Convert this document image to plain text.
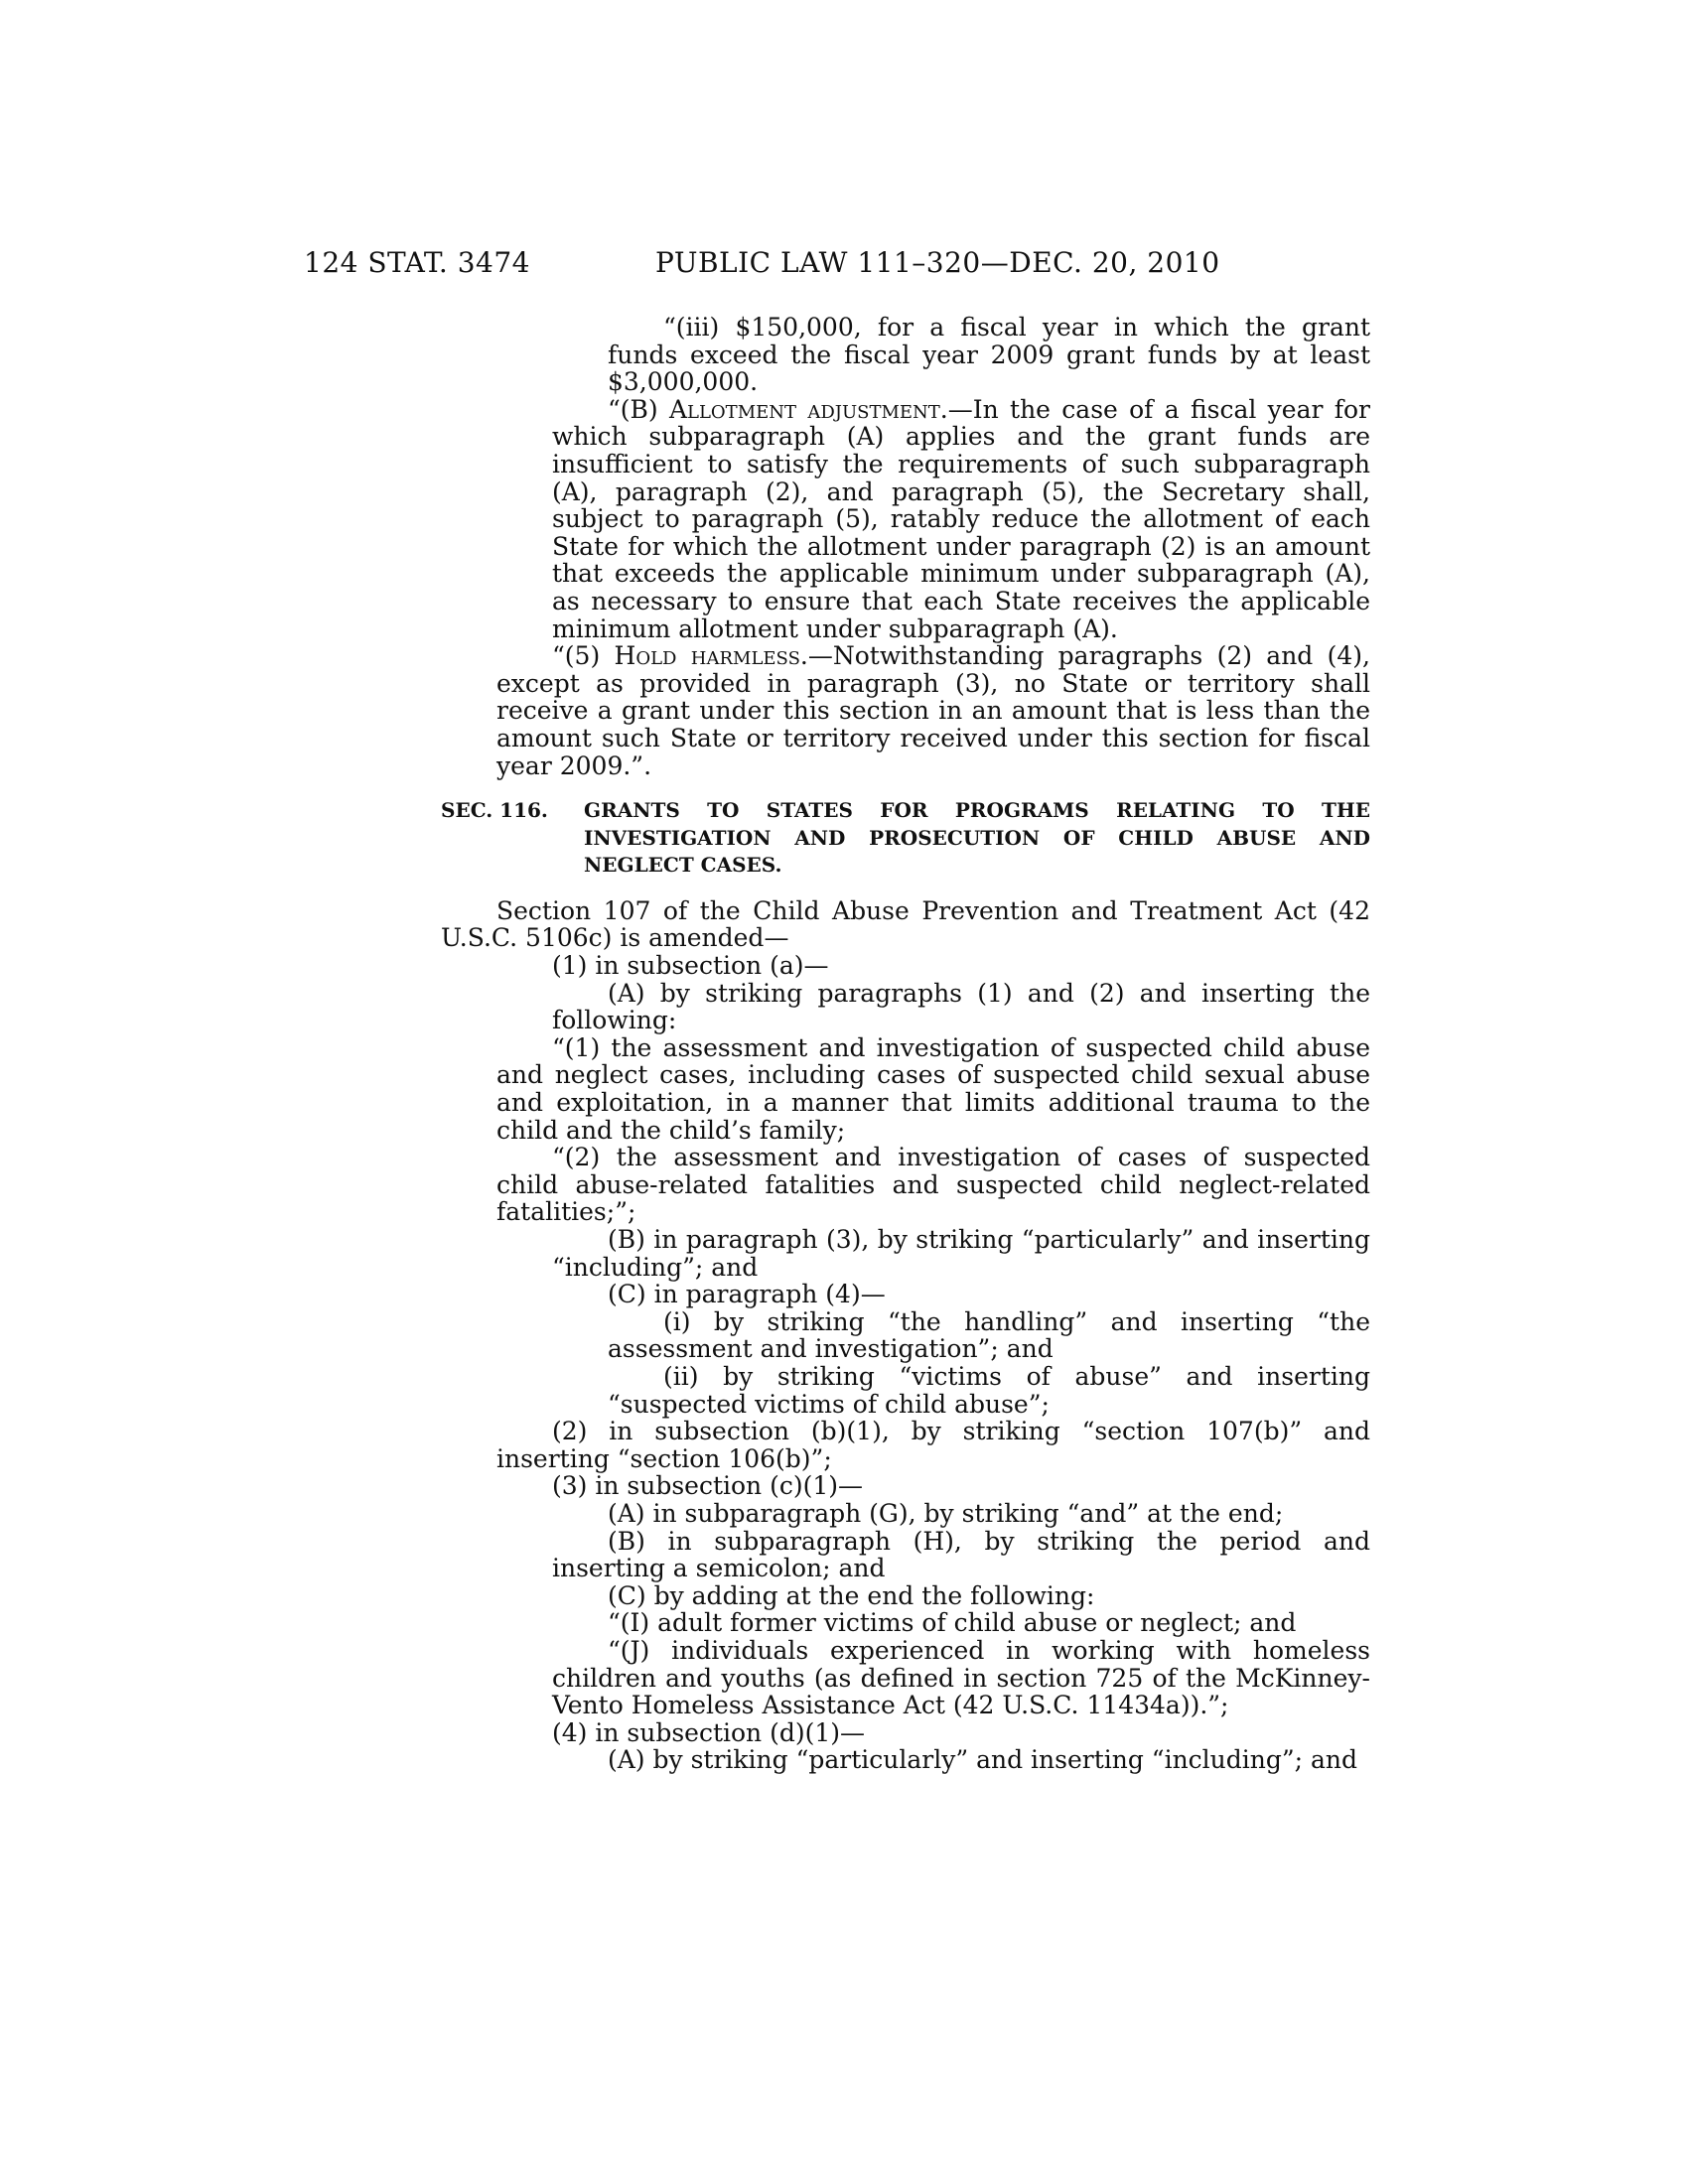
124 STAT. 3474	PUBLIC LAW 111–320—DEC. 20, 2010

“(iii) $150,000, for a fiscal year in which the grant funds exceed the fiscal year 2009 grant funds by at least $3,000,000.

“(B) Allotment adjustment.—In the case of a fiscal year for which subparagraph (A) applies and the grant funds are insufficient to satisfy the requirements of such subparagraph (A), paragraph (2), and paragraph (5), the Secretary shall, subject to paragraph (5), ratably reduce the allotment of each State for which the allotment under paragraph (2) is an amount that exceeds the applicable minimum under subparagraph (A), as necessary to ensure that each State receives the applicable minimum allotment under subparagraph (A).

“(5) Hold harmless.—Notwithstanding paragraphs (2) and (4), except as provided in paragraph (3), no State or territory shall receive a grant under this section in an amount that is less than the amount such State or territory received under this section for fiscal year 2009.”.

SEC. 116. GRANTS TO STATES FOR PROGRAMS RELATING TO THE INVESTIGATION AND PROSECUTION OF CHILD ABUSE AND NEGLECT CASES.

Section 107 of the Child Abuse Prevention and Treatment Act (42 U.S.C. 5106c) is amended—

(1) in subsection (a)—

(A) by striking paragraphs (1) and (2) and inserting the following:

“(1) the assessment and investigation of suspected child abuse and neglect cases, including cases of suspected child sexual abuse and exploitation, in a manner that limits additional trauma to the child and the child’s family;

“(2) the assessment and investigation of cases of suspected child abuse-related fatalities and suspected child neglect-related fatalities;”;

(B) in paragraph (3), by striking “particularly” and inserting “including”; and

(C) in paragraph (4)—

(i) by striking “the handling” and inserting “the assessment and investigation”; and

(ii) by striking “victims of abuse” and inserting “suspected victims of child abuse”;

(2) in subsection (b)(1), by striking “section 107(b)” and inserting “section 106(b)”;

(3) in subsection (c)(1)—

(A) in subparagraph (G), by striking “and” at the end;

(B) in subparagraph (H), by striking the period and inserting a semicolon; and

(C) by adding at the end the following:

“(I) adult former victims of child abuse or neglect; and

“(J) individuals experienced in working with homeless children and youths (as defined in section 725 of the McKinney-Vento Homeless Assistance Act (42 U.S.C. 11434a)).”;

(4) in subsection (d)(1)—

(A) by striking “particularly” and inserting “including”; and
